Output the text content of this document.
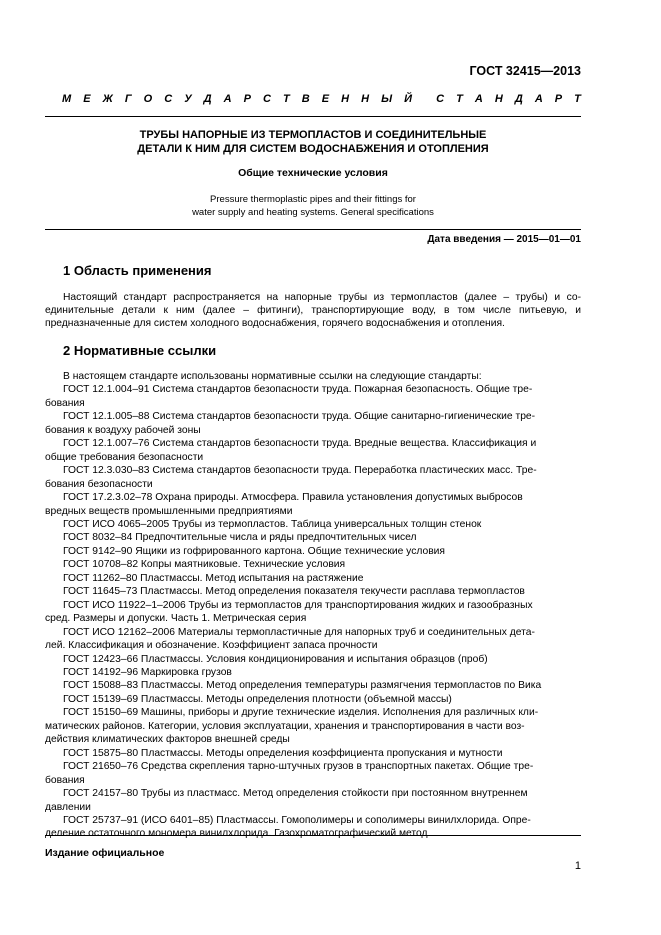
ГОСТ 32415—2013
М Е Ж Г О С У Д А Р С Т В Е Н Н Ы Й С Т А Н Д А Р Т
ТРУБЫ НАПОРНЫЕ ИЗ ТЕРМОПЛАСТОВ И СОЕДИНИТЕЛЬНЫЕ
ДЕТАЛИ К НИМ ДЛЯ СИСТЕМ ВОДОСНАБЖЕНИЯ И ОТОПЛЕНИЯ
Общие технические условия
Pressure thermoplastic pipes and their fittings for
water supply and heating systems. General specifications
Дата введения — 2015—01—01
1 Область применения
Настоящий стандарт распространяется на напорные трубы из термопластов (далее – трубы) и со- единительные детали к ним (далее – фитинги), транспортирующие воду, в том числе питьевую, и предназначенные для систем холодного водоснабжения, горячего водоснабжения и отопления.
2 Нормативные ссылки
В настоящем стандарте использованы нормативные ссылки на следующие стандарты:
ГОСТ 12.1.004–91 Система стандартов безопасности труда. Пожарная безопасность. Общие тре-
бования
ГОСТ 12.1.005–88 Система стандартов безопасности труда. Общие санитарно-гигиенические тре-
бования к воздуху рабочей зоны
ГОСТ 12.1.007–76 Система стандартов безопасности труда. Вредные вещества. Классификация и
общие требования безопасности
ГОСТ 12.3.030–83 Система стандартов безопасности труда. Переработка пластических масс. Тре-
бования безопасности
ГОСТ 17.2.3.02–78 Охрана природы. Атмосфера. Правила установления допустимых выбросов
вредных веществ промышленными предприятиями
ГОСТ ИСО 4065–2005 Трубы из термопластов. Таблица универсальных толщин стенок
ГОСТ 8032–84 Предпочтительные числа и ряды предпочтительных чисел
ГОСТ 9142–90 Ящики из гофрированного картона. Общие технические условия
ГОСТ 10708–82 Копры маятниковые. Технические условия
ГОСТ 11262–80 Пластмассы. Метод испытания на растяжение
ГОСТ 11645–73 Пластмассы. Метод определения показателя текучести расплава термопластов
ГОСТ ИСО 11922–1–2006 Трубы из термопластов для транспортирования жидких и газообразных
сред. Размеры и допуски. Часть 1. Метрическая серия
ГОСТ ИСО 12162–2006 Материалы термопластичные для напорных труб и соединительных дета-
лей. Классификация и обозначение. Коэффициент запаса прочности
ГОСТ 12423–66 Пластмассы. Условия кондиционирования и испытания образцов (проб)
ГОСТ 14192–96 Маркировка грузов
ГОСТ 15088–83 Пластмассы. Метод определения температуры размягчения термопластов по Вика
ГОСТ 15139–69 Пластмассы. Методы определения плотности (объемной массы)
ГОСТ 15150–69 Машины, приборы и другие технические изделия. Исполнения для различных кли-
матических районов. Категории, условия эксплуатации, хранения и транспортирования в части воз-
действия климатических факторов внешней среды
ГОСТ 15875–80 Пластмассы. Методы определения коэффициента пропускания и мутности
ГОСТ 21650–76 Средства скрепления тарно-штучных грузов в транспортных пакетах. Общие тре-
бования
ГОСТ 24157–80 Трубы из пластмасс. Метод определения стойкости при постоянном внутреннем
давлении
ГОСТ 25737–91 (ИСО 6401–85) Пластмассы. Гомополимеры и сополимеры винилхлорида. Опре-
деление остаточного мономера винилхлорида. Газохроматографический метод
Издание официальное
1
